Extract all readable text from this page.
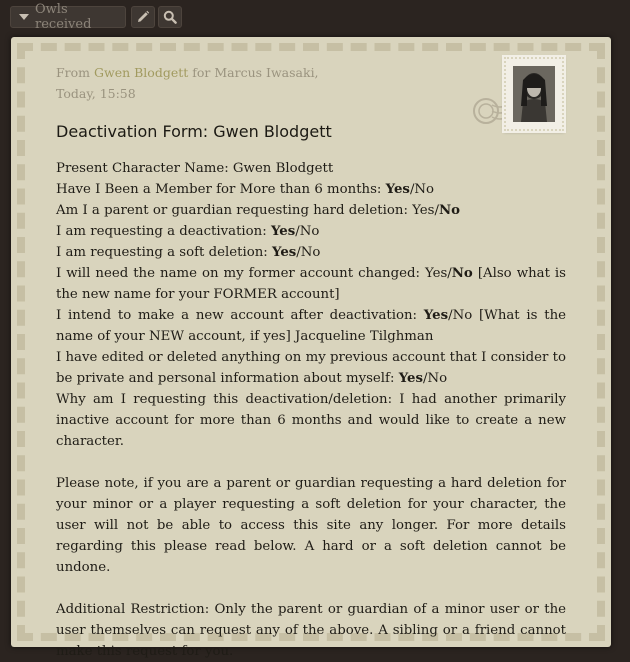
Owls received
From Gwen Blodgett for Marcus Iwasaki,
Today, 15:58
Deactivation Form: Gwen Blodgett

Present Character Name: Gwen Blodgett

Have I Been a Member for More than 6 months: Yes/No

Am I a parent or guardian requesting hard deletion: Yes/No

I am requesting a deactivation: Yes/No

I am requesting a soft deletion: Yes/No

I will need the name on my former account changed: Yes/No [Also what is the new name for your FORMER account]

I intend to make a new account after deactivation: Yes/No [What is the name of your NEW account, if yes] Jacqueline Tilghman

I have edited or deleted anything on my previous account that I consider to be private and personal information about myself: Yes/No

Why am I requesting this deactivation/deletion: I had another primarily inactive account for more than 6 months and would like to create a new character.

Please note, if you are a parent or guardian requesting a hard deletion for your minor or a player requesting a soft deletion for your character, the user will not be able to access this site any longer. For more details regarding this please read below. A hard or a soft deletion cannot be undone.

Additional Restriction: Only the parent or guardian of a minor user or the user themselves can request any of the above. A sibling or a friend cannot make this request for you.
